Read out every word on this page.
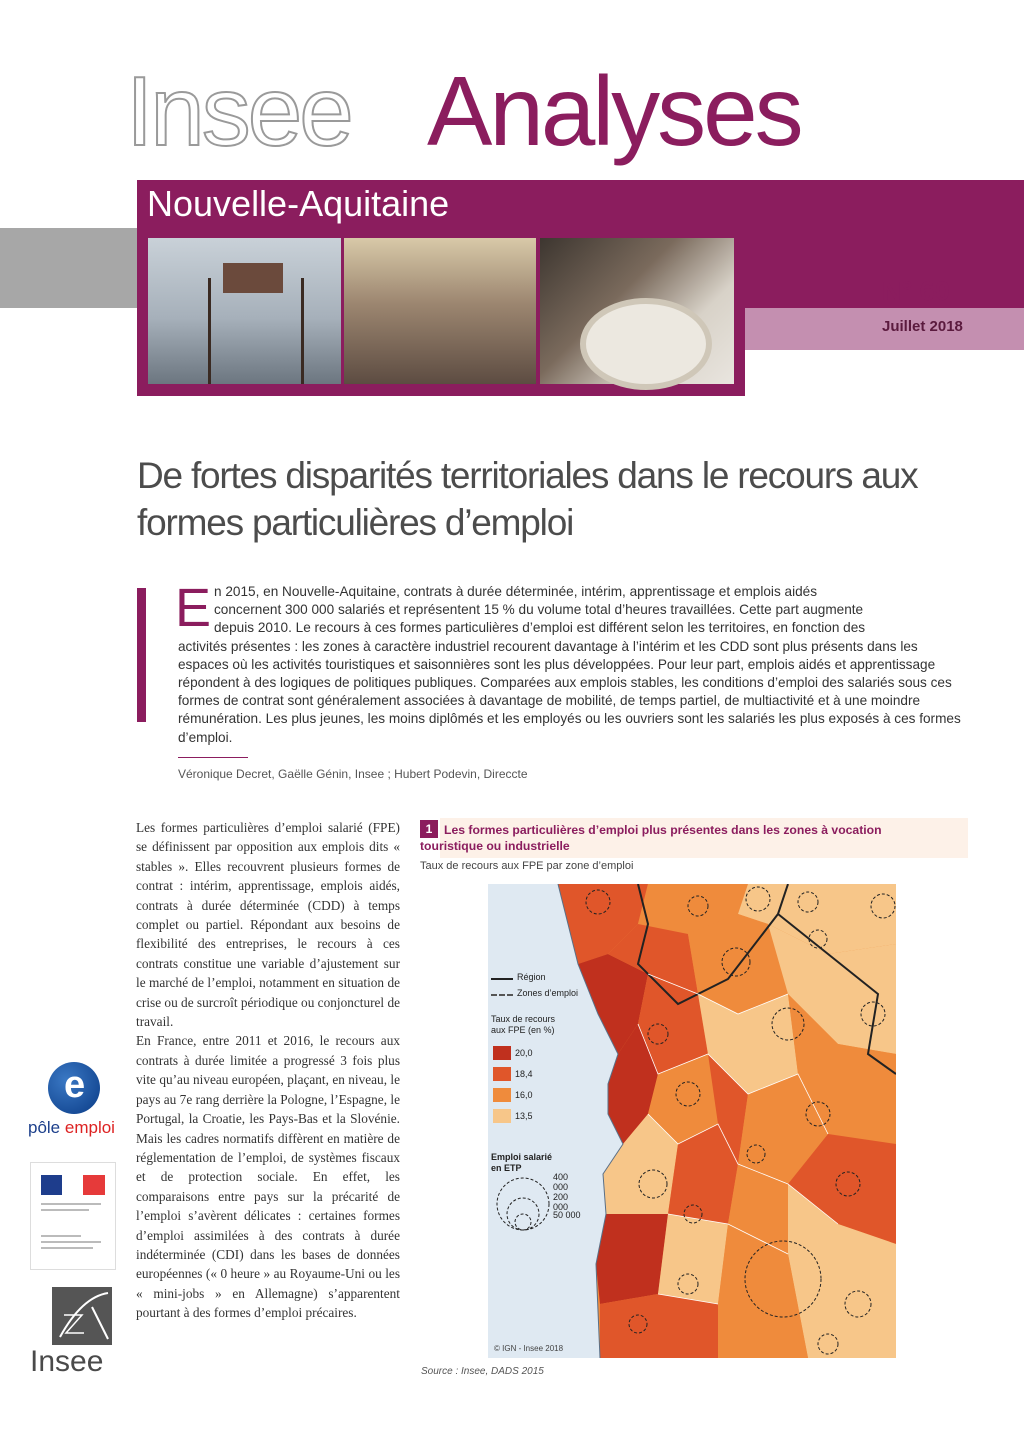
Insee Analyses
Nouvelle-Aquitaine
N° 60
Juillet 2018
De fortes disparités territoriales dans le recours aux formes particulières d’emploi
E n 2015, en Nouvelle-Aquitaine, contrats à durée déterminée, intérim, apprentissage et emplois aidés
concernent 300 000 salariés et représentent 15 % du volume total d’heures travaillées. Cette part augmente
depuis 2010. Le recours à ces formes particulières d’emploi est différent selon les territoires, en fonction des
activités présentes : les zones à caractère industriel recourent davantage à l’intérim et les CDD sont plus présents dans les espaces où les activités touristiques et saisonnières sont les plus développées. Pour leur part, emplois aidés et apprentissage répondent à des logiques de politiques publiques. Comparées aux emplois stables, les conditions d’emploi des salariés sous ces formes de contrat sont généralement associées à davantage de mobilité, de temps partiel, de multiactivité et à une moindre rémunération. Les plus jeunes, les moins diplômés et les employés ou les ouvriers sont les salariés les plus exposés à ces formes d’emploi.
Véronique Decret, Gaëlle Génin, Insee ; Hubert Podevin, Direccte

Les formes particulières d’emploi salarié (FPE) se définissent par opposition aux emplois dits « stables ». Elles recouvrent plusieurs formes de contrat : intérim, apprentissage, emplois aidés, contrats à durée déterminée (CDD) à temps complet ou partiel. Répondant aux besoins de flexibilité des entreprises, le recours à ces contrats constitue une variable d’ajustement sur le marché de l’emploi, notamment en situation de crise ou de surcroît périodique ou conjoncturel de travail.

En France, entre 2011 et 2016, le recours aux contrats à durée limitée a progressé 3 fois plus vite qu’au niveau européen, plaçant, en niveau, le pays au 7e rang derrière la Pologne, l’Espagne, le Portugal, la Croatie, les Pays-Bas et la Slovénie. Mais les cadres normatifs diffèrent en matière de réglementation de l’emploi, de systèmes fiscaux et de protection sociale. En effet, les comparaisons entre pays sur la précarité de l’emploi s’avèrent délicates : certaines formes d’emploi assimilées à des contrats à durée indéterminée (CDI) dans les bases de données européennes (« 0 heure » au Royaume-Uni ou les « mini-jobs » en Allemagne) s’apparentent pourtant à des formes d’emploi précaires.

e
pôle emploi
Insee
1 Les formes particulières d’emploi plus présentes dans les zones à vocation
touristique ou industrielle
Taux de recours aux FPE par zone d’emploi
Région
Zones d’emploi
Taux de recours aux FPE (en %)
20,0
18,4
16,0
13,5
Emploi salarié en ETP
400 000
200 000
50 000
© IGN - Insee 2018
Source : Insee, DADS 2015
